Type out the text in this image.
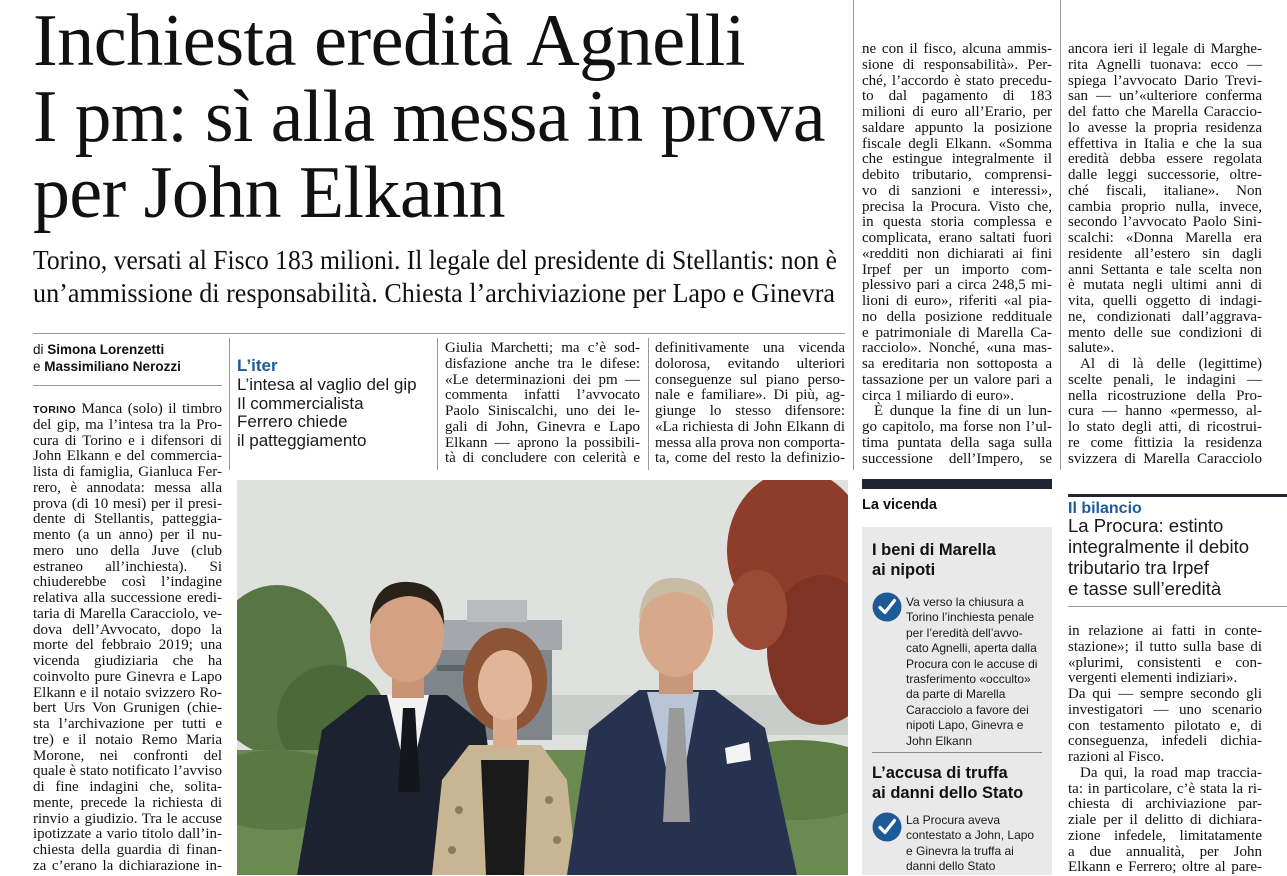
Inchiesta eredità Agnelli
I pm: sì alla messa in prova
per John Elkann
Torino, versati al Fisco 183 milioni. Il legale del presidente di Stellantis: non è
un’ammissione di responsabilità. Chiesta l’archiviazione per Lapo e Ginevra
di Simona Lorenzetti
e Massimiliano Nerozzi
TORINO Manca (solo) il timbro
del gip, ma l’intesa tra la Pro-
cura di Torino e i difensori di
John Elkann e del commercia-
lista di famiglia, Gianluca Fer-
rero, è annodata: messa alla
prova (di 10 mesi) per il presi-
dente di Stellantis, patteggia-
mento (a un anno) per il nu-
mero uno della Juve (club
estraneo all’inchiesta). Si
chiuderebbe così l’indagine
relativa alla successione eredi-
taria di Marella Caracciolo, ve-
dova dell’Avvocato, dopo la
morte del febbraio 2019; una
vicenda giudiziaria che ha
coinvolto pure Ginevra e Lapo
Elkann e il notaio svizzero Ro-
bert Urs Von Grunigen (chie-
sta l’archivazione per tutti e
tre) e il notaio Remo Maria
Morone, nei confronti del
quale è stato notificato l’avviso
di fine indagini che, solita-
mente, precede la richiesta di
rinvio a giudizio. Tra le accuse
ipotizzate a vario titolo dall’in-
chiesta della guardia di finan-
za c’erano la dichiarazione in-
L’iter
L’intesa al vaglio del gip
Il commercialista
Ferrero chiede
il patteggiamento
Giulia Marchetti; ma c’è sod-
disfazione anche tra le difese:
«Le determinazioni dei pm —
commenta infatti l’avvocato
Paolo Siniscalchi, uno dei le-
gali di John, Ginevra e Lapo
Elkann — aprono la possibili-
tà di concludere con celerità e
definitivamente una vicenda
dolorosa, evitando ulteriori
conseguenze sul piano perso-
nale e familiare». Di più, ag-
giunge lo stesso difensore:
«La richiesta di John Elkann di
messa alla prova non comporta-
ta, come del resto la definizio-
ne con il fisco, alcuna ammis-
sione di responsabilità». Per-
ché, l’accordo è stato precedu-
to dal pagamento di 183
milioni di euro all’Erario, per
saldare appunto la posizione
fiscale degli Elkann. «Somma
che estingue integralmente il
debito tributario, comprensi-
vo di sanzioni e interessi»,
precisa la Procura. Visto che,
in questa storia complessa e
complicata, erano saltati fuori
«redditi non dichiarati ai fini
Irpef per un importo com-
plessivo pari a circa 248,5 mi-
lioni di euro», riferiti «al pia-
no della posizione reddituale
e patrimoniale di Marella Ca-
racciolo». Nonché, «una mas-
sa ereditaria non sottoposta a
tassazione per un valore pari a
circa 1 miliardo di euro».
È dunque la fine di un lun-
go capitolo, ma forse non l’ul-
tima puntata della saga sulla
successione dell’Impero, se
ancora ieri il legale di Marghe-
rita Agnelli tuonava: ecco —
spiega l’avvocato Dario Trevi-
san — un’«ulteriore conferma
del fatto che Marella Caraccio-
lo avesse la propria residenza
effettiva in Italia e che la sua
eredità debba essere regolata
dalle leggi successorie, oltre-
ché fiscali, italiane». Non
cambia proprio nulla, invece,
secondo l’avvocato Paolo Sini-
scalchi: «Donna Marella era
residente all’estero sin dagli
anni Settanta e tale scelta non
è mutata negli ultimi anni di
vita, quelli oggetto di indagi-
ne, condizionati dall’aggrava-
mento delle sue condizioni di
salute».
Al di là delle (legittime)
scelte penali, le indagini —
nella ricostruzione della Pro-
cura — hanno «permesso, al-
lo stato degli atti, di ricostrui-
re come fittizia la residenza
svizzera di Marella Caracciolo
in relazione ai fatti in conte-
stazione»; il tutto sulla base di
«plurimi, consistenti e con-
vergenti elementi indiziari».
Da qui — sempre secondo gli
investigatori — uno scenario
con testamento pilotato e, di
conseguenza, infedeli dichia-
razioni al Fisco.
Da qui, la road map traccia-
ta: in particolare, c’è stata la ri-
chiesta di archiviazione par-
ziale per il delitto di dichiara-
zione infedele, limitatamente
a due annualità, per John
Elkann e Ferrero; oltre al pare-
Il bilancio
La Procura: estinto
integralmente il debito
tributario tra Irpef
e tasse sull’eredità
La vicenda
I beni di Marella
ai nipoti
Va verso la chiusura a
Torino l’inchiesta penale
per l’eredità dell’avvo-
cato Agnelli, aperta dalla
Procura con le accuse di
trasferimento «occulto»
da parte di Marella
Caracciolo a favore dei
nipoti Lapo, Ginevra e
John Elkann
L’accusa di truffa
ai danni dello Stato
La Procura aveva
contestato a John, Lapo
e Ginevra la truffa ai
danni dello Stato
